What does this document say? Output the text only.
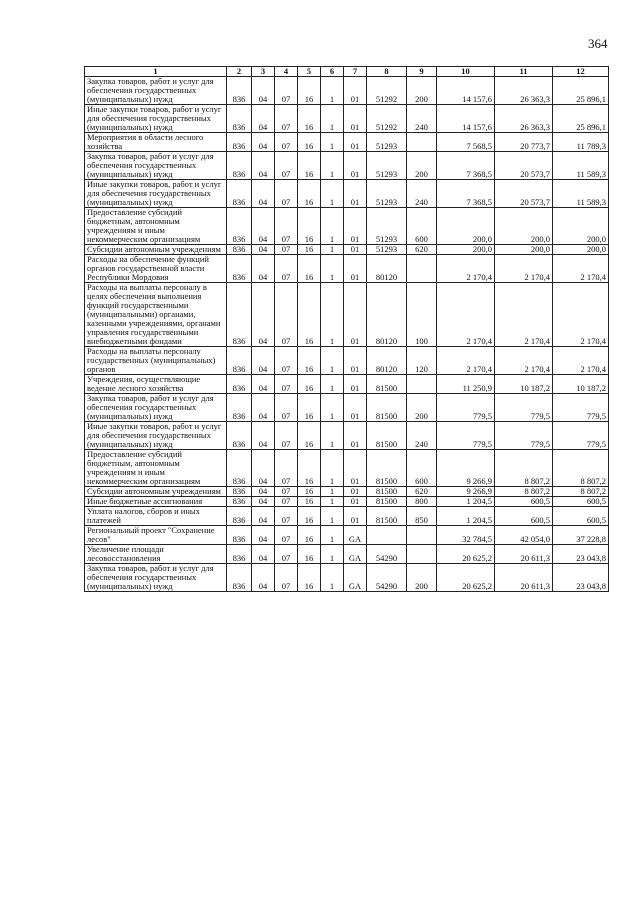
364
1	2	3	4	5	6	7	8	9	10	11	12
Закупка товаров, работ и услуг для обеспечения государственных (муниципальных) нужд	836	04	07	16	1	01	51292	200	14 157,6	26 363,3	25 896,1
Иные закупки товаров, работ и услуг для обеспечения государственных (муниципальных) нужд	836	04	07	16	1	01	51292	240	14 157,6	26 363,3	25 896,1
Мероприятия в области лесного хозяйства	836	04	07	16	1	01	51293		7 568,5	20 773,7	11 789,3
Закупка товаров, работ и услуг для обеспечения государственных (муниципальных) нужд	836	04	07	16	1	01	51293	200	7 368,5	20 573,7	11 589,3
Иные закупки товаров, работ и услуг для обеспечения государственных (муниципальных) нужд	836	04	07	16	1	01	51293	240	7 368,5	20 573,7	11 589,3
Предоставление субсидий бюджетным, автономным учреждениям и иным некоммерческим организациям	836	04	07	16	1	01	51293	600	200,0	200,0	200,0
Субсидии автономным учреждениям	836	04	07	16	1	01	51293	620	200,0	200,0	200,0
Расходы на обеспечение функций органов государственной власти Республики Мордовия	836	04	07	16	1	01	80120		2 170,4	2 170,4	2 170,4
Расходы на выплаты персоналу в целях обеспечения выполнения функций государственными (муниципальными) органами, казенными учреждениями, органами управления государственными внебюджетными фондами	836	04	07	16	1	01	80120	100	2 170,4	2 170,4	2 170,4
Расходы на выплаты персоналу государственных (муниципальных) органов	836	04	07	16	1	01	80120	120	2 170,4	2 170,4	2 170,4
Учреждения, осуществляющие ведение лесного хозяйства	836	04	07	16	1	01	81500		11 250,9	10 187,2	10 187,2
Закупка товаров, работ и услуг для обеспечения государственных (муниципальных) нужд	836	04	07	16	1	01	81500	200	779,5	779,5	779,5
Иные закупки товаров, работ и услуг для обеспечения государственных (муниципальных) нужд	836	04	07	16	1	01	81500	240	779,5	779,5	779,5
Предоставление субсидий бюджетным, автономным учреждениям и иным некоммерческим организациям	836	04	07	16	1	01	81500	600	9 266,9	8 807,2	8 807,2
Субсидии автономным учреждениям	836	04	07	16	1	01	81500	620	9 266,9	8 807,2	8 807,2
Иные бюджетные ассигнования	836	04	07	16	1	01	81500	800	1 204,5	600,5	600,5
Уплата налогов, сборов и иных платежей	836	04	07	16	1	01	81500	850	1 204,5	600,5	600,5
Региональный проект "Сохранение лесов"	836	04	07	16	1	GA			32 784,5	42 054,0	37 228,8
Увеличение площади лесовосстановления	836	04	07	16	1	GA	54290		20 625,2	20 611,3	23 043,8
Закупка товаров, работ и услуг для обеспечения государственных (муниципальных) нужд	836	04	07	16	1	GA	54290	200	20 625,2	20 611,3	23 043,8
